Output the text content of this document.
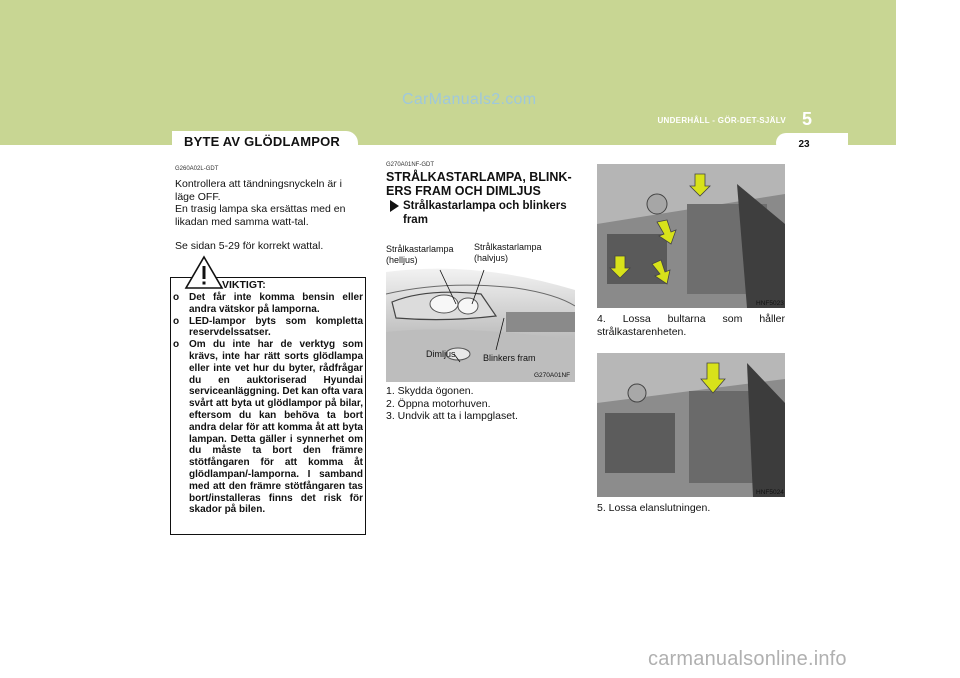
CarManuals2.com
5
UNDERHÅLL - GÖR-DET-SJÄLV
23
BYTE AV GLÖDLAMPOR
G260A02L-GDT
Kontrollera att tändningsnyckeln är i läge OFF.
En trasig lampa ska ersättas med en likadan med samma watt-tal.
Se sidan 5-29 för korrekt wattal.
VIKTIGT:
o Det får inte komma bensin eller andra vätskor på lamporna.
o LED-lampor byts som kompletta reservdelssatser.
o Om du inte har de verktyg som krävs, inte har rätt sorts glödlampa eller inte vet hur du byter, rådfrågar du en auktoriserad Hyundai serviceanläggning. Det kan ofta vara svårt att byta ut glödlampor på bilar, eftersom du kan behöva ta bort andra delar för att komma åt att byta lampan. Detta gäller i synnerhet om du måste ta bort den främre stötfångaren för att komma åt glödlampan/-lamporna. I samband med att den främre stötfångaren tas bort/installeras finns det risk för skador på bilen.
G270A01NF-GDT
STRÅLKASTARLAMPA, BLINK-ERS FRAM OCH DIMLJUS
Strålkastarlampa och blinkers fram
Strålkastarlampa
(helljus)
Strålkastarlampa
(halvjus)
Dimljus	Blinkers fram
G270A01NF
1. Skydda ögonen.
2. Öppna motorhuven.
3. Undvik att ta i lampglaset.
HNF5023
4. Lossa bultarna som håller strålkastarenheten.
HNF5024
5. Lossa elanslutningen.
carmanualsonline.info
